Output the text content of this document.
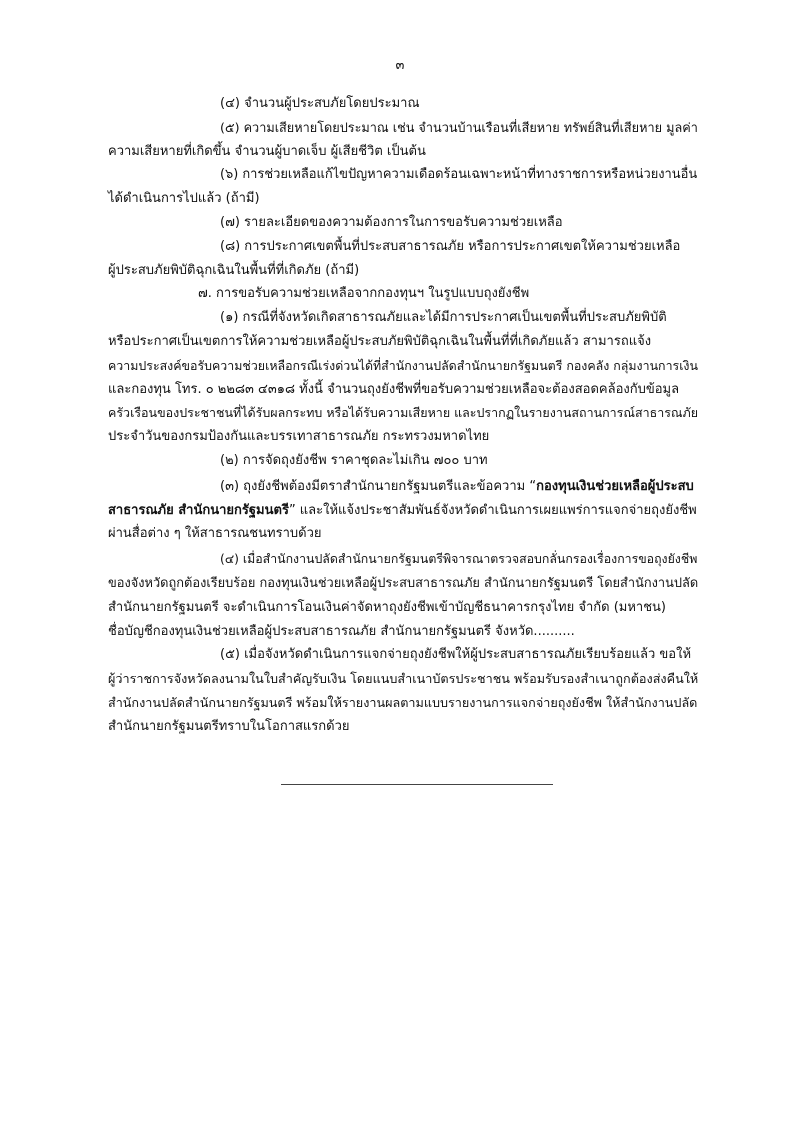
๓

(๔) จำนวนผู้ประสบภัยโดยประมาณ

(๕) ความเสียหายโดยประมาณ เช่น จำนวนบ้านเรือนที่เสียหาย ทรัพย์สินที่เสียหาย มูลค่า

ความเสียหายที่เกิดขึ้น จำนวนผู้บาดเจ็บ ผู้เสียชีวิต เป็นต้น

(๖) การช่วยเหลือแก้ไขปัญหาความเดือดร้อนเฉพาะหน้าที่ทางราชการหรือหน่วยงานอื่น

ได้ดำเนินการไปแล้ว (ถ้ามี)

(๗) รายละเอียดของความต้องการในการขอรับความช่วยเหลือ

(๘) การประกาศเขตพื้นที่ประสบสาธารณภัย หรือการประกาศเขตให้ความช่วยเหลือ

ผู้ประสบภัยพิบัติฉุกเฉินในพื้นที่ที่เกิดภัย (ถ้ามี)

๗. การขอรับความช่วยเหลือจากกองทุนฯ ในรูปแบบถุงยังชีพ

(๑) กรณีที่จังหวัดเกิดสาธารณภัยและได้มีการประกาศเป็นเขตพื้นที่ประสบภัยพิบัติ

หรือประกาศเป็นเขตการให้ความช่วยเหลือผู้ประสบภัยพิบัติฉุกเฉินในพื้นที่ที่เกิดภัยแล้ว สามารถแจ้ง

ความประสงค์ขอรับความช่วยเหลือกรณีเร่งด่วนได้ที่สำนักงานปลัดสำนักนายกรัฐมนตรี กองคลัง กลุ่มงานการเงิน

และกองทุน โทร. ๐ ๒๒๘๓ ๔๓๑๘ ทั้งนี้ จำนวนถุงยังชีพที่ขอรับความช่วยเหลือจะต้องสอดคล้องกับข้อมูล

ครัวเรือนของประชาชนที่ได้รับผลกระทบ หรือได้รับความเสียหาย และปรากฏในรายงานสถานการณ์สาธารณภัย

ประจำวันของกรมป้องกันและบรรเทาสาธารณภัย กระทรวงมหาดไทย

(๒) การจัดถุงยังชีพ ราคาชุดละไม่เกิน ๗๐๐ บาท

(๓) ถุงยังชีพต้องมีตราสำนักนายกรัฐมนตรีและข้อความ “กองทุนเงินช่วยเหลือผู้ประสบ

สาธารณภัย สำนักนายกรัฐมนตรี” และให้แจ้งประชาสัมพันธ์จังหวัดดำเนินการเผยแพร่การแจกจ่ายถุงยังชีพ

ผ่านสื่อต่าง ๆ ให้สาธารณชนทราบด้วย

(๔) เมื่อสำนักงานปลัดสำนักนายกรัฐมนตรีพิจารณาตรวจสอบกลั่นกรองเรื่องการขอถุงยังชีพ

ของจังหวัดถูกต้องเรียบร้อย กองทุนเงินช่วยเหลือผู้ประสบสาธารณภัย สำนักนายกรัฐมนตรี โดยสำนักงานปลัด

สำนักนายกรัฐมนตรี จะดำเนินการโอนเงินค่าจัดหาถุงยังชีพเข้าบัญชีธนาคารกรุงไทย จำกัด (มหาชน)

ชื่อบัญชีกองทุนเงินช่วยเหลือผู้ประสบสาธารณภัย สำนักนายกรัฐมนตรี จังหวัด..........

(๕) เมื่อจังหวัดดำเนินการแจกจ่ายถุงยังชีพให้ผู้ประสบสาธารณภัยเรียบร้อยแล้ว ขอให้

ผู้ว่าราชการจังหวัดลงนามในใบสำคัญรับเงิน โดยแนบสำเนาบัตรประชาชน พร้อมรับรองสำเนาถูกต้องส่งคืนให้

สำนักงานปลัดสำนักนายกรัฐมนตรี พร้อมให้รายงานผลตามแบบรายงานการแจกจ่ายถุงยังชีพ ให้สำนักงานปลัด

สำนักนายกรัฐมนตรีทราบในโอกาสแรกด้วย
